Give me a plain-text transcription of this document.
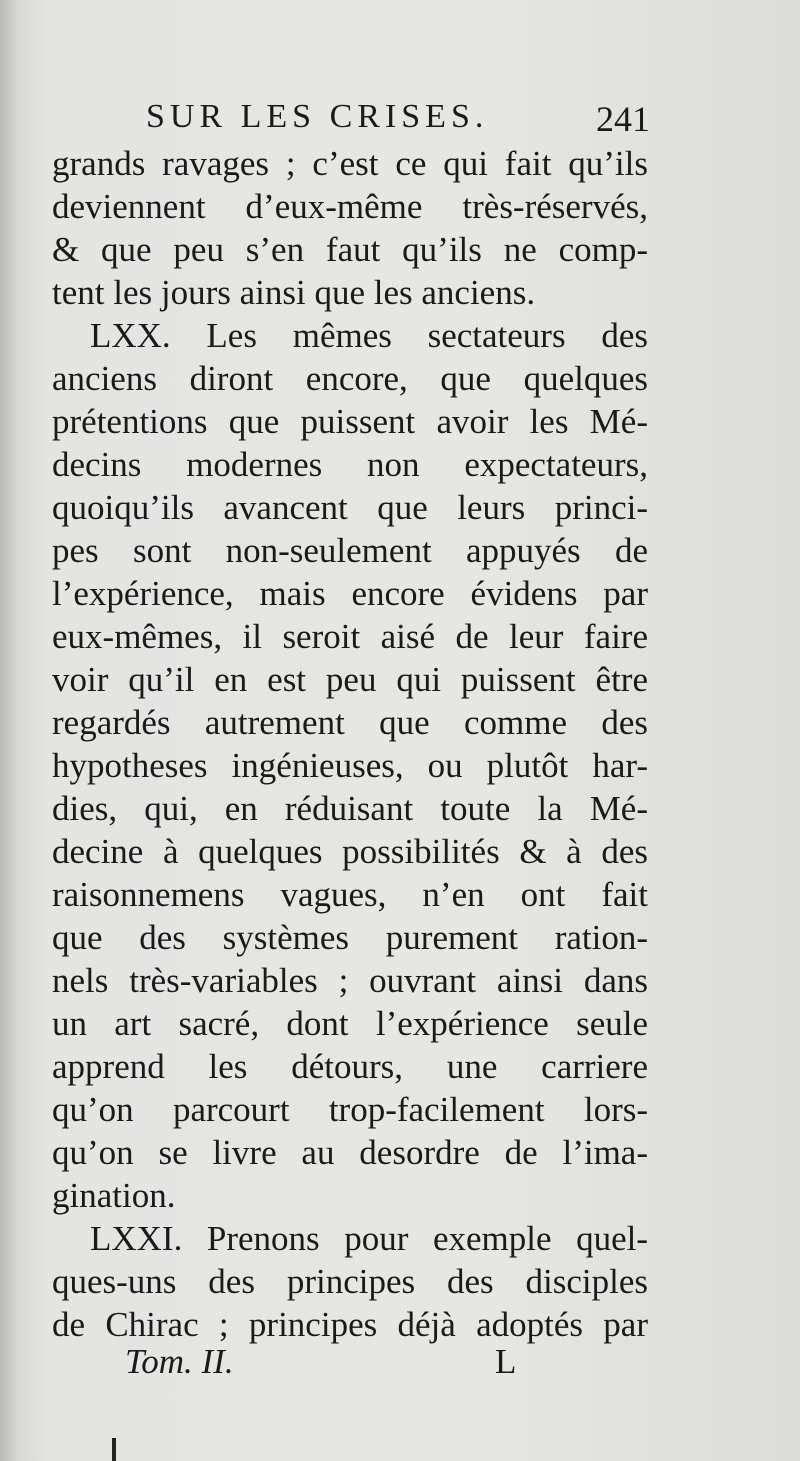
SUR LES CRISES.	241
grands ravages ; c’est ce qui fait qu’ils
deviennent d’eux-même très-réservés,
& que peu s’en faut qu’ils ne comp-
tent les jours ainsi que les anciens.
LXX. Les mêmes sectateurs des
anciens diront encore, que quelques
prétentions que puissent avoir les Mé-
decins modernes non expectateurs,
quoiqu’ils avancent que leurs princi-
pes sont non-seulement appuyés de
l’expérience, mais encore évidens par
eux-mêmes, il seroit aisé de leur faire
voir qu’il en est peu qui puissent être
regardés autrement que comme des
hypotheses ingénieuses, ou plutôt har-
dies, qui, en réduisant toute la Mé-
decine à quelques possibilités & à des
raisonnemens vagues, n’en ont fait
que des systèmes purement ration-
nels très-variables ; ouvrant ainsi dans
un art sacré, dont l’expérience seule
apprend les détours, une carriere
qu’on parcourt trop-facilement lors-
qu’on se livre au desordre de l’ima-
gination.
LXXI. Prenons pour exemple quel-
ques-uns des principes des disciples
de Chirac ; principes déjà adoptés par
Tom. II.	L
